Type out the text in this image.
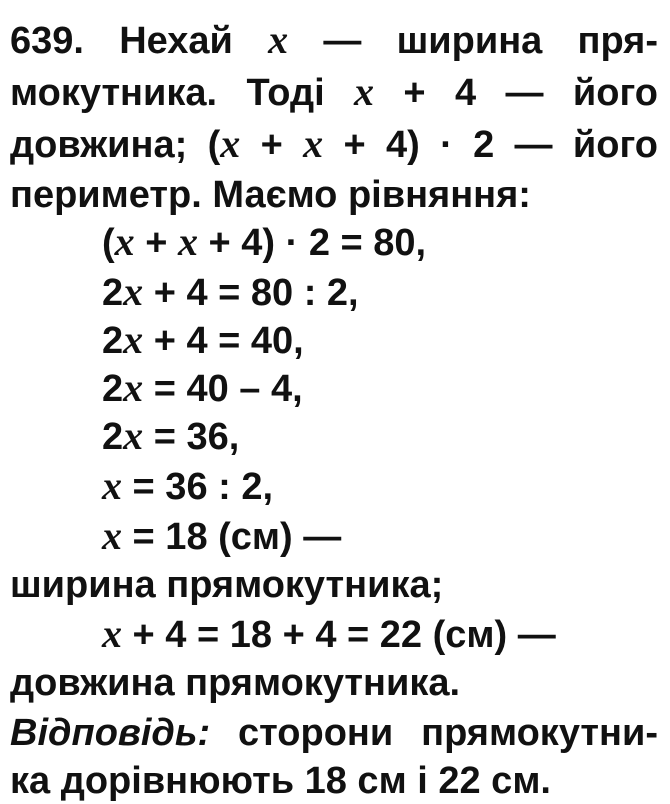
639. Нехай x — ширина пря-
мокутника. Тоді x + 4 — його
довжина; (x + x + 4) · 2 — його
периметр. Маємо рівняння:
(x + x + 4) · 2 = 80,
2x + 4 = 80 : 2,
2x + 4 = 40,
2x = 40 – 4,
2x = 36,
x = 36 : 2,
x = 18 (см) —
ширина прямокутника;
x + 4 = 18 + 4 = 22 (см) —
довжина прямокутника.
Відповідь: сторони прямокутни-
ка дорівнюють 18 см і 22 см.
